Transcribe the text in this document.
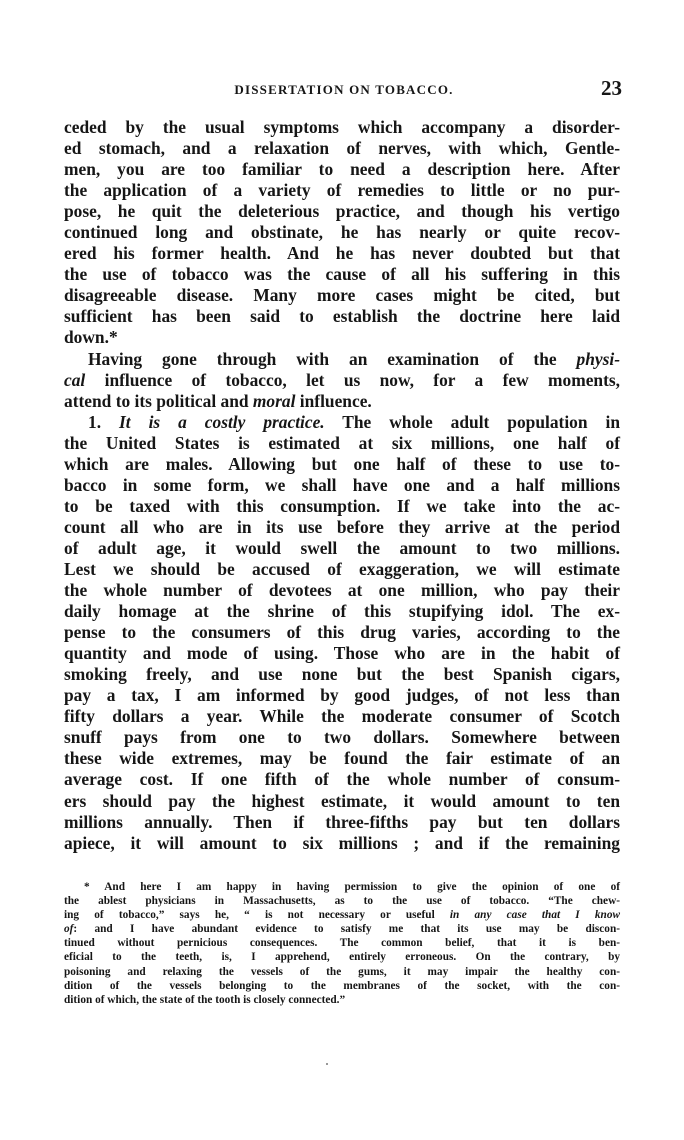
DISSERTATION ON TOBACCO.	23
ceded by the usual symptoms which accompany a disorder-
ed stomach, and a relaxation of nerves, with which, Gentle-
men, you are too familiar to need a description here. After
the application of a variety of remedies to little or no pur-
pose, he quit the deleterious practice, and though his vertigo
continued long and obstinate, he has nearly or quite recov-
ered his former health. And he has never doubted but that
the use of tobacco was the cause of all his suffering in this
disagreeable disease. Many more cases might be cited, but
sufficient has been said to establish the doctrine here laid
down.*
Having gone through with an examination of the physi-
cal influence of tobacco, let us now, for a few moments,
attend to its political and moral influence.
1. It is a costly practice. The whole adult population in
the United States is estimated at six millions, one half of
which are males. Allowing but one half of these to use to-
bacco in some form, we shall have one and a half millions
to be taxed with this consumption. If we take into the ac-
count all who are in its use before they arrive at the period
of adult age, it would swell the amount to two millions.
Lest we should be accused of exaggeration, we will estimate
the whole number of devotees at one million, who pay their
daily homage at the shrine of this stupifying idol. The ex-
pense to the consumers of this drug varies, according to the
quantity and mode of using. Those who are in the habit of
smoking freely, and use none but the best Spanish cigars,
pay a tax, I am informed by good judges, of not less than
fifty dollars a year. While the moderate consumer of Scotch
snuff pays from one to two dollars. Somewhere between
these wide extremes, may be found the fair estimate of an
average cost. If one fifth of the whole number of consum-
ers should pay the highest estimate, it would amount to ten
millions annually. Then if three-fifths pay but ten dollars
apiece, it will amount to six millions ; and if the remaining
* And here I am happy in having permission to give the opinion of one of
the ablest physicians in Massachusetts, as to the use of tobacco. “The chew-
ing of tobacco,” says he, “ is not necessary or useful in any case that I know
of: and I have abundant evidence to satisfy me that its use may be discon-
tinued without pernicious consequences. The common belief, that it is ben-
eficial to the teeth, is, I apprehend, entirely erroneous. On the contrary, by
poisoning and relaxing the vessels of the gums, it may impair the healthy con-
dition of the vessels belonging to the membranes of the socket, with the con-
dition of which, the state of the tooth is closely connected.”
